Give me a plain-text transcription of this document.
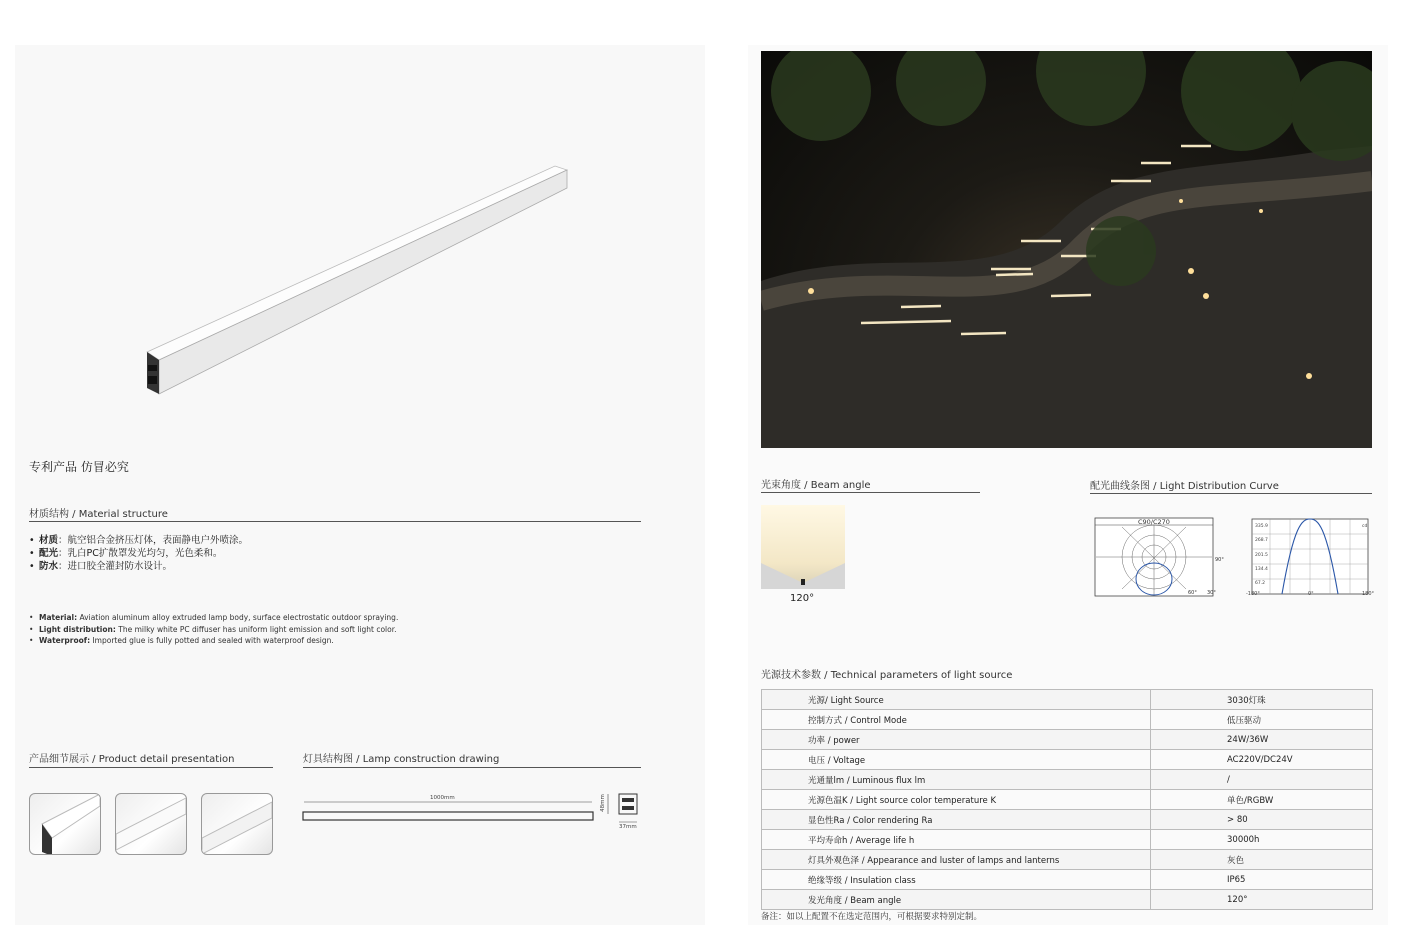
专利产品 仿冒必究
材质结构 / Material structure
• 材质：航空铝合金挤压灯体，表面静电户外喷涂。
• 配光：乳白PC扩散罩发光均匀，光色柔和。
• 防水：进口胶全灌封防水设计。
• Material: Aviation aluminum alloy extruded lamp body, surface electrostatic outdoor spraying.
• Light distribution: The milky white PC diffuser has uniform light emission and soft light color.
• Waterproof: Imported glue is fully potted and sealed with waterproof design.
产品细节展示 / Product detail presentation	灯具结构图 / Lamp construction drawing
1000mm	48mm
37mm
光束角度 / Beam angle
120°
配光曲线条图 / Light Distribution Curve
C90/C270
90°
60° 30°
335.9
268.7
201.5
134.4
67.2
cd
-180°	0°	180°
光源技术参数 / Technical parameters of light source
光源/ Light Source	3030灯珠
控制方式 / Control Mode	低压驱动
功率 / power	24W/36W
电压 / Voltage	AC220V/DC24V
光通量lm / Luminous flux lm	/
光源色温K / Light source color temperature K	单色/RGBW
显色性Ra / Color rendering Ra	> 80
平均寿命h / Average life h	30000h
灯具外观色泽 / Appearance and luster of lamps and lanterns	灰色
绝缘等级 / Insulation class	IP65
发光角度 / Beam angle	120°
备注：如以上配置不在选定范围内，可根据要求特别定制。
